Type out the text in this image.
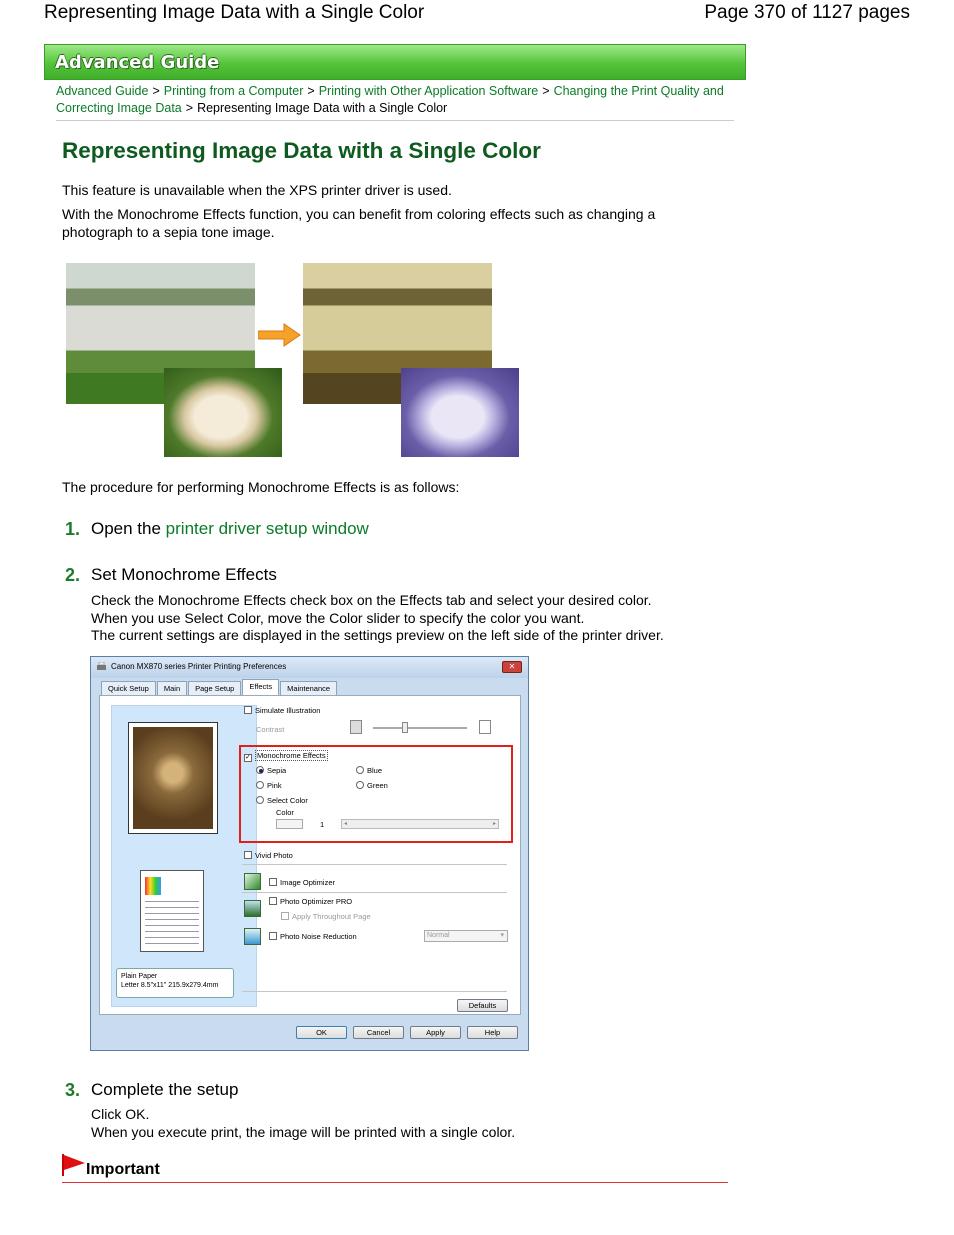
Representing Image Data with a Single Color	Page 370 of 1127 pages
Advanced Guide
Advanced Guide > Printing from a Computer > Printing with Other Application Software > Changing the Print Quality and Correcting Image Data > Representing Image Data with a Single Color
Representing Image Data with a Single Color
This feature is unavailable when the XPS printer driver is used.
With the Monochrome Effects function, you can benefit from coloring effects such as changing a photograph to a sepia tone image.
The procedure for performing Monochrome Effects is as follows:
1. Open the printer driver setup window
2. Set Monochrome Effects
Check the Monochrome Effects check box on the Effects tab and select your desired color.
When you use Select Color, move the Color slider to specify the color you want.
The current settings are displayed in the settings preview on the left side of the printer driver.
Canon MX870 series Printer Printing Preferences	✕
Quick Setup	Main	Page Setup	Effects	Maintenance
Plain Paper
Letter 8.5"x11" 215.9x279.4mm
Simulate Illustration
Contrast
✓ Monochrome Effects
Sepia	Blue
Pink	Green
Select Color
Color
1	◂	▸
Vivid Photo
Image Optimizer
Photo Optimizer PRO
Apply Throughout Page
Photo Noise Reduction	Normal	▾
Defaults
OK	Cancel	Apply	Help
3. Complete the setup
Click OK.
When you execute print, the image will be printed with a single color.
Important
